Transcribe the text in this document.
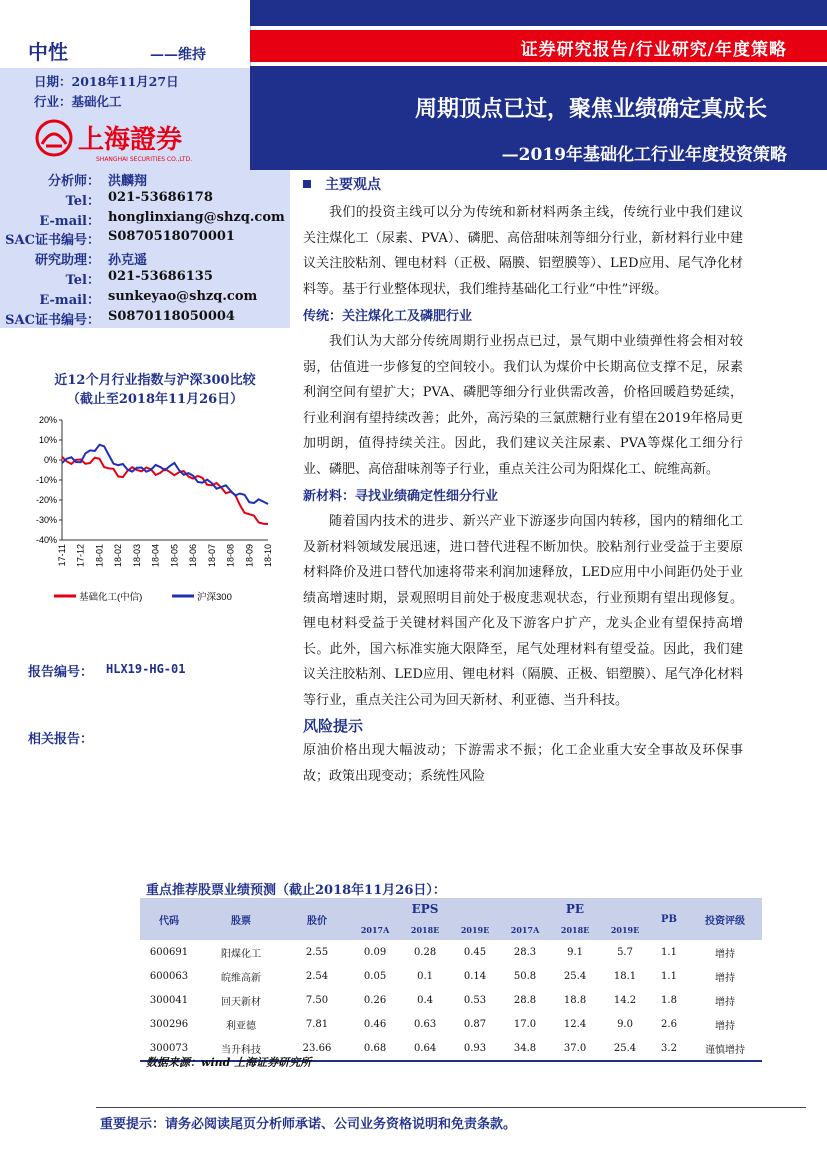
中性	——维持
日期：2018年11月27日
行业：基础化工
上海證券
SHANGHAI SECURITIES CO.,LTD.
分析师： 洪麟翔
Tel： 021-53686178
E-mail： honglinxiang@shzq.com
SAC证书编号： S0870518070001
研究助理： 孙克遥
Tel： 021-53686135
E-mail： sunkeyao@shzq.com
SAC证书编号： S0870118050004
证券研究报告/行业研究/年度策略
周期顶点已过，聚焦业绩确定真成长
—2019年基础化工行业年度投资策略
近12个月行业指数与沪深300比较
（截止至2018年11月26日）
20%
10%
0%
-10%
-20%
-30%
-40%
17-11 17-12 18-01 18-02 18-03 18-04 18-05 18-06 18-07 18-08 18-09 18-10
基础化工(中信)	沪深300
报告编号： HLX19-HG-01
相关报告：
主要观点
我们的投资主线可以分为传统和新材料两条主线，传统行业中我们建议关注煤化工（尿素、PVA）、磷肥、高倍甜味剂等细分行业，新材料行业中建议关注胶粘剂、锂电材料（正极、隔膜、铝塑膜等）、LED应用、尾气净化材料等。基于行业整体现状，我们维持基础化工行业“中性”评级。
传统：关注煤化工及磷肥行业
我们认为大部分传统周期行业拐点已过，景气期中业绩弹性将会相对较弱，估值进一步修复的空间较小。我们认为煤价中长期高位支撑不足，尿素利润空间有望扩大；PVA、磷肥等细分行业供需改善，价格回暖趋势延续，行业利润有望持续改善；此外，高污染的三氯蔗糖行业有望在2019年格局更加明朗，值得持续关注。因此，我们建议关注尿素、PVA等煤化工细分行业、磷肥、高倍甜味剂等子行业，重点关注公司为阳煤化工、皖维高新。
新材料：寻找业绩确定性细分行业
随着国内技术的进步、新兴产业下游逐步向国内转移，国内的精细化工及新材料领域发展迅速，进口替代进程不断加快。胶粘剂行业受益于主要原材料降价及进口替代加速将带来利润加速释放，LED应用中小间距仍处于业绩高增速时期，景观照明目前处于极度悲观状态，行业预期有望出现修复。锂电材料受益于关键材料国产化及下游客户扩产，龙头企业有望保持高增长。此外，国六标准实施大限降至，尾气处理材料有望受益。因此，我们建议关注胶粘剂、LED应用、锂电材料（隔膜、正极、铝塑膜）、尾气净化材料等行业，重点关注公司为回天新材、利亚德、当升科技。
风险提示
原油价格出现大幅波动；下游需求不振；化工企业重大安全事故及环保事故；政策出现变动；系统性风险
重点推荐股票业绩预测（截止2018年11月26日）：
代码	股票	股价	EPS			PE			PB	投资评级
			2017A	2018E	2019E	2017A	2018E	2019E		
600691	阳煤化工	2.55	0.09	0.28	0.45	28.3	9.1	5.7	1.1	增持
600063	皖维高新	2.54	0.05	0.1	0.14	50.8	25.4	18.1	1.1	增持
300041	回天新材	7.50	0.26	0.4	0.53	28.8	18.8	14.2	1.8	增持
300296	利亚德	7.81	0.46	0.63	0.87	17.0	12.4	9.0	2.6	增持
300073	当升科技	23.66	0.68	0.64	0.93	34.8	37.0	25.4	3.2	谨慎增持
数据来源：wind 上海证券研究所
重要提示：请务必阅读尾页分析师承诺、公司业务资格说明和免责条款。
